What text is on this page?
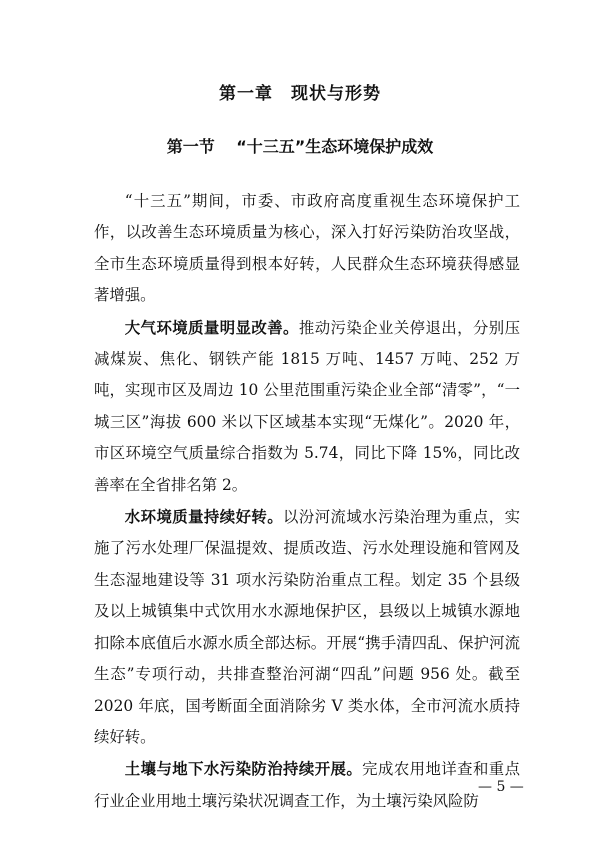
第一章　现状与形势
第一节　 “十三五”生态环境保护成效

“十三五”期间，市委、市政府高度重视生态环境保护工作，以改善生态环境质量为核心，深入打好污染防治攻坚战，全市生态环境质量得到根本好转，人民群众生态环境获得感显著增强。

大气环境质量明显改善。推动污染企业关停退出，分别压减煤炭、焦化、钢铁产能 1815 万吨、1457 万吨、252 万吨，实现市区及周边 10 公里范围重污染企业全部“清零”，“一城三区”海拔 600 米以下区域基本实现“无煤化”。2020 年，市区环境空气质量综合指数为 5.74，同比下降 15%，同比改善率在全省排名第 2。

水环境质量持续好转。以汾河流域水污染治理为重点，实施了污水处理厂保温提效、提质改造、污水处理设施和管网及生态湿地建设等 31 项水污染防治重点工程。划定 35 个县级及以上城镇集中式饮用水水源地保护区，县级以上城镇水源地扣除本底值后水源水质全部达标。开展“携手清四乱、保护河流生态”专项行动，共排查整治河湖“四乱”问题 956 处。截至 2020 年底，国考断面全面消除劣 V 类水体，全市河流水质持续好转。

土壤与地下水污染防治持续开展。完成农用地详查和重点行业企业用地土壤污染状况调查工作，为土壤污染风险防

— 5 —
